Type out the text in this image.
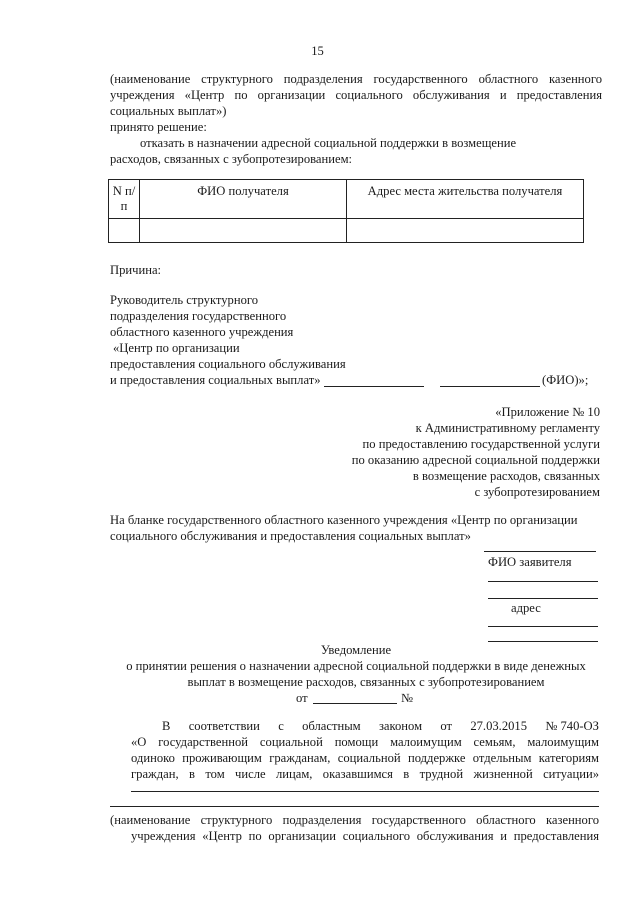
15
(наименование структурного подразделения государственного областного казенного
учреждения «Центр по организации социального обслуживания и предоставления
социальных выплат»)
принято решение:
отказать в назначении адресной социальной поддержки в возмещение
расходов, связанных с зубопротезированием:
N п/п	ФИО получателя	Адрес места жительства получателя

Причина:
Руководитель структурного
подразделения государственного
областного казенного учреждения
«Центр по организации
предоставления социального обслуживания
и предоставления социальных выплат»	(ФИО)»;
«Приложение № 10
к Административному регламенту
по предоставлению государственной услуги
по оказанию адресной социальной поддержки
в возмещение расходов, связанных
с зубопротезированием
На бланке государственного областного казенного учреждения «Центр по организации
социального обслуживания и предоставления социальных выплат»
ФИО заявителя
адрес
Уведомление
о принятии решения о назначении адресной социальной поддержки в виде денежных
выплат в возмещение расходов, связанных с зубопротезированием
от	№
В соответствии с областным законом от 27.03.2015 № 740-ОЗ
«О государственной социальной помощи малоимущим семьям, малоимущим
одиноко проживающим гражданам, социальной поддержке отдельным категориям
граждан, в том числе лицам, оказавшимся в трудной жизненной ситуации»
(наименование структурного подразделения государственного областного казенного
учреждения «Центр по организации социального обслуживания и предоставления
